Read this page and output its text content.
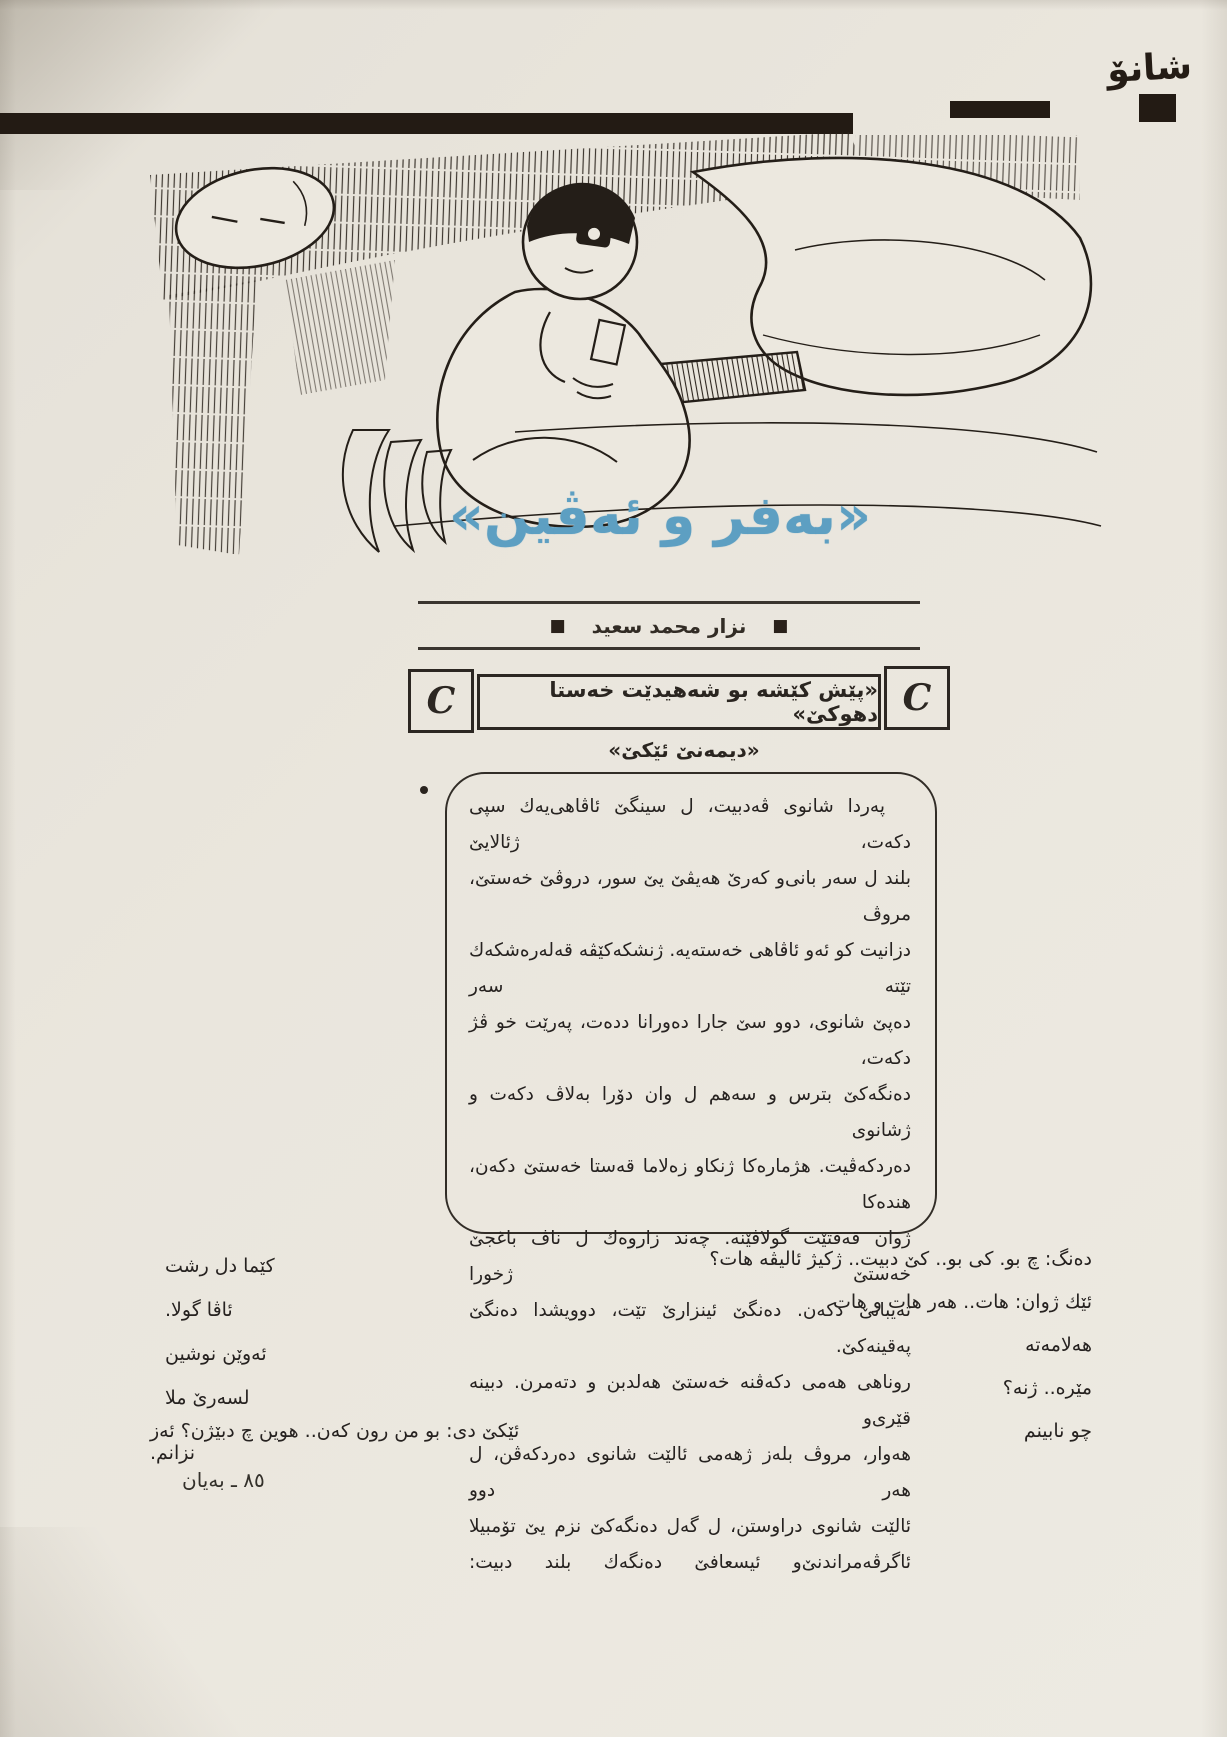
شانۆ
«به‌فر و ئه‌ڤين»
■
نزار محمد سعيد
■
C
«پێش كێشه بو شه‌هيدێت خه‌ستا دهوكێ»
C
«ديمه‌نێ ئێكێ»

په‌ردا شانوى ڤه‌دبيت، ل سينگێ ئاڤاهى‌يه‌ك سپى دكه‌ت، ژئالايێ

بلند ل سه‌ر بانى‌و كه‌رێ هه‌يڤێ يێ سور، دروڤێ خه‌ستێ، مروڤ

دزانيت كو ئه‌و ئاڤاهى خه‌سته‌يه. ژنشكه‌كێڤه قه‌له‌ره‌شكه‌ك تێته سه‌ر

ده‌پێ شانوى، دوو سێ جارا ده‌ورانا دده‌ت، په‌رێت خو ڤژ دكه‌ت،

ده‌نگه‌كێ بترس و سه‌هم ل وان دۆرا به‌لاڤ دكه‌ت و ژشانوى

ده‌ردكه‌ڤيت. هژماره‌كا ژنكاو زه‌لاما قه‌ستا خه‌ستێ دكه‌ن، هنده‌كا

ژوان قه‌فتێت گولاڤێنه. چه‌ند زاروه‌ك ل ناڤ باغجێ خه‌ستێ ژخورا

ته‌يبانێ دكه‌ن. ده‌نگێ ئينزارێ تێت، دوويشدا ده‌نگێ په‌قينه‌كێ.

روناهى هه‌مى دكه‌ڤنه خه‌ستێ هه‌لدبن و دته‌مرن. دبينه قێرى‌و

هه‌وار، مروڤ بله‌ز ژهه‌مى ئالێت شانوى ده‌ردكه‌ڤن، ل هه‌ر دوو

ئالێت شانوى دراوستن، ل گه‌ل ده‌نگه‌كێ نزم يێ تۆمبيلا

ئاگرڤه‌مراندنێ‌و ئيسعافێ ده‌نگه‌ك بلند دبيت:

ده‌نگ: چ بو. كى بو.. كێ دبيت.. ژكيژ ئاليڤه هات؟
ئێك ژوان: هات.. هه‌ر هات و هات
هه‌لامه‌ته
مێره.. ژنه؟
چو نابينم
كێما دل رشت
ئاڤا گولا.
ئه‌وێن نوشين
لسه‌رێ ملا
ئێكێ دى: بو من رون كه‌ن.. هوين چ دبێژن؟ ئه‌ز نزانم.
٨٥ ـ به‌يان
